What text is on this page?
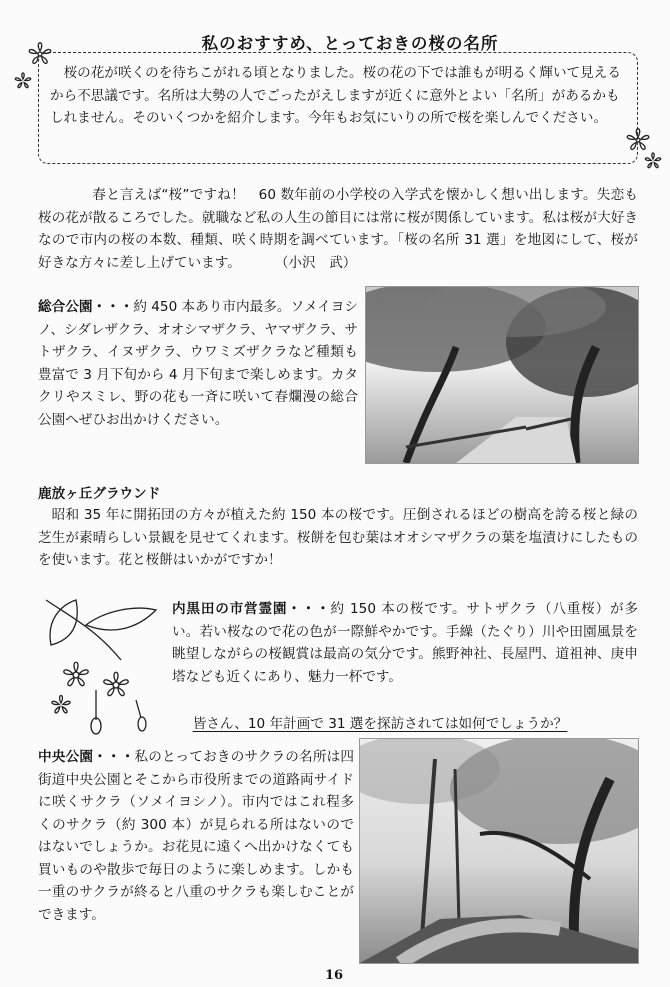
私のおすすめ、とっておきの桜の名所
桜の花が咲くのを待ちこがれる頃となりました。桜の花の下では誰もが明るく輝いて見えるから不思議です。名所は大勢の人でごったがえしますが近くに意外とよい「名所」があるかもしれません。そのいくつかを紹介します。今年もお気にいりの所で桜を楽しんでください。
春と言えば“桜”ですね！　60 数年前の小学校の入学式を懐かしく想い出します。失恋も桜の花が散るころでした。就職など私の人生の節目には常に桜が関係しています。私は桜が大好きなので市内の桜の本数、種類、咲く時期を調べています。「桜の名所 31 選」を地図にして、桜が好きな方々に差し上げています。	（小沢　武）
総合公園・・・約 450 本あり市内最多。ソメイヨシノ、シダレザクラ、オオシマザクラ、ヤマザクラ、サトザクラ、イヌザクラ、ウワミズザクラなど種類も豊富で 3 月下旬から 4 月下旬まで楽しめます。カタクリやスミレ、野の花も一斉に咲いて春爛漫の総合公園へぜひお出かけください。
鹿放ヶ丘グラウンド
昭和 35 年に開拓団の方々が植えた約 150 本の桜です。圧倒されるほどの樹高を誇る桜と緑の芝生が素晴らしい景観を見せてくれます。桜餅を包む葉はオオシマザクラの葉を塩漬けにしたものを使います。花と桜餅はいかがですか！
内黒田の市営霊園・・・約 150 本の桜です。サトザクラ（八重桜）が多い。若い桜なので花の色が一際鮮やかです。手繰（たぐり）川や田園風景を眺望しながらの桜観賞は最高の気分です。熊野神社、長屋門、道祖神、庚申塔なども近くにあり、魅力一杯です。
皆さん、10 年計画で 31 選を探訪されては如何でしょうか？
中央公園・・・私のとっておきのサクラの名所は四街道中央公園とそこから市役所までの道路両サイドに咲くサクラ（ソメイヨシノ）。市内ではこれ程多くのサクラ（約 300 本）が見られる所はないのではないでしょうか。お花見に遠くへ出かけなくても買いものや散歩で毎日のように楽しめます。しかも一重のサクラが終ると八重のサクラも楽しむことができます。
16
